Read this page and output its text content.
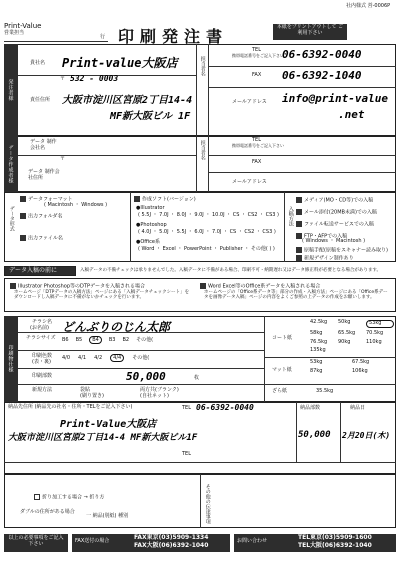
社内様式 営-0006P
Print-Value
営業担当
行 印刷発注書	本紙をプリントアウトして ご利用下さい
発注者様
貴社名 Print-value大阪店
〒 532 - 0003
責任住所 大阪市淀川区宮原2丁目14-4
MF新大阪ビル 1F
担当者名
TEL
携帯電話番号をご記入下さい
06-6392-0040
FAX 06-6392-1040
メールアドレス info@print-value
.net
データ作成者様
データ 制作会社名
〒
データ 制作会社住所
担当者名	TEL
携帯電話番号をご記入下さい
FAX
メールアドレス
データ形式
データフォーマット
( Macintosh ・ Windows )
出力フォルダ名
出力ファイル名
作成ソフト(バージョン)
●Illustrator
( 5.5J ・ 7.0J ・ 8.0J ・ 9.0J ・ 10.0J ・ CS ・ CS2 ・ CS3 )
●Photoshop
( 4.0J ・ 5.0J ・ 5.5J ・ 6.0J ・ 7.0J ・ CS ・ CS2 ・ CS3 )
●Office系
( Word ・ Excel ・ PowerPoint ・ Publisher ・ その他( ) )
入稿方法
メディア(MO・CD等)での入稿
メール添付(20MB未満)での入稿
ファイル転送サービスでの入稿
FTP・AFPでの入稿
( Windows ・ Macintosh )
原稿手配(原稿をスキャナー読み取り)
新規デザイン制作あり
データ入稿の前に	入稿データの不備チェックは承りませんでした。入稿データに不備がある場合、印刷不可・納期遅れ又はデータ修正料が必要となる場合があります。
Illustrator Photoshop等のDTPデータを入稿される場合
ホームページ「DTPデータの入稿方法」ページにある「入稿データチェックシート」をダウンロードし入稿データに不備がないかチェックを行います。
Word Excel等のOffice系データを入稿される場合
ホームページの「Office系データ等」部分の作成・入稿方法」ページにある「Office系データを画像データ入稿」ページの内容をよくご参照の上データの作成をお願いします。
印刷物仕様
チラシ名
(お名前) どんぶりのじん太郎
チラシサイズ B6 B5 B4 B3 B2 その他(
印刷色数
(表・裏)
4/0 4/1 4/2 4/4 その他(
印刷部数	50,000	枚
新規方法	袋貼
(刷り置き)
両方共(ブランク)
(自社ネット)
コート紙
42.5kg	50kg	53kg
58kg	65.5kg	70.5kg
76.5kg	90kg	110kg
135kg
マット紙
53kg	67.5kg
87kg	106kg
ざら紙	35.5kg
納品先住所 (納品先の社名・住所・TELをご記入下さい)	TEL 06-6392-0040
Print-Value大阪店
大阪市淀川区宮原2丁目14-4 MF新大阪ビル1F
TEL
納品部数
50,000
納品日
2月20日(木)
折り加工する場合 → 折り方
ダブルの住所がある場合
一 納品(別紙) 種別	その他の伝達事項
以上の必要事項をご記入下さい	FAX送付の場合	FAX東京(03)5909-1334
FAX大阪(06)6392-1040
お問い合わせ	TEL東京(03)5909-1600
TEL大阪(06)6392-1040
